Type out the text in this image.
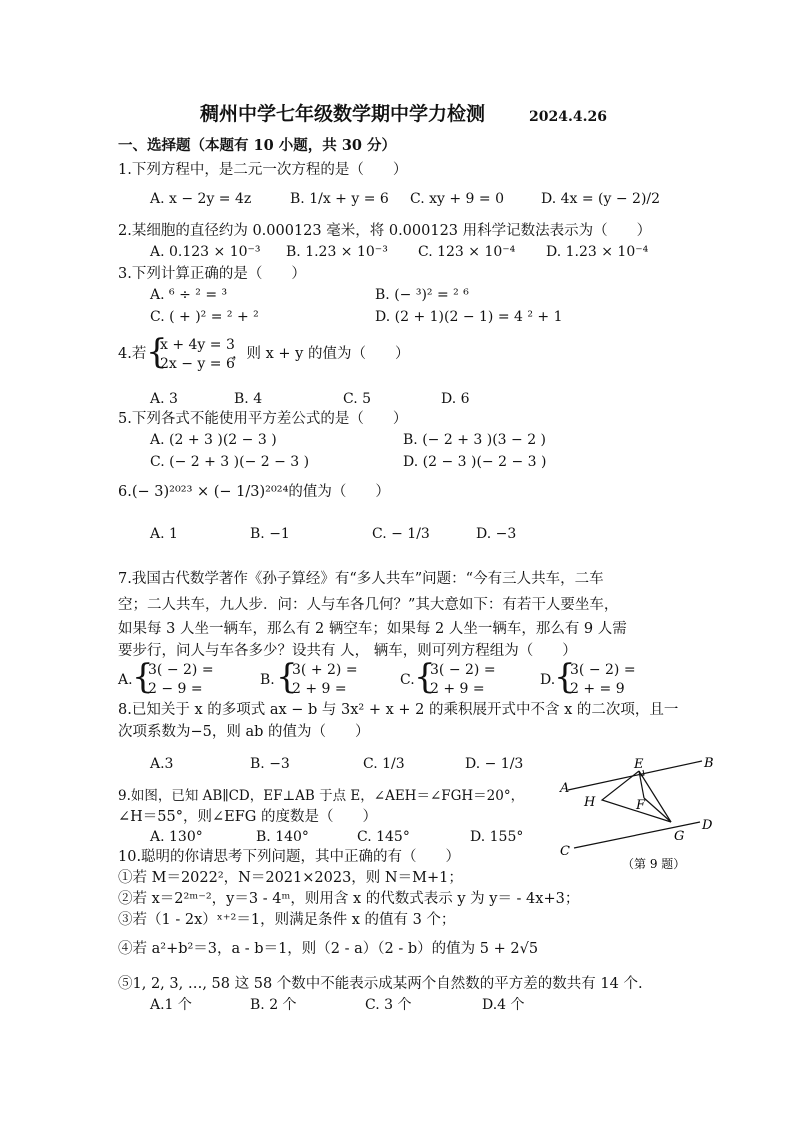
稠州中学七年级数学期中学力检测	2024.4.26
一、选择题（本题有 10 小题，共 30 分）
1.下列方程中，是二元一次方程的是（　　）
A. x − 2y = 4z	B. 1/x + y = 6 C. xy + 9 = 0	D. 4x = (y − 2)/2
2.某细胞的直径约为 0.000123 毫米，将 0.000123 用科学记数法表示为（　　）
A. 0.123 × 10⁻³ B. 1.23 × 10⁻³ C. 123 × 10⁻⁴ D. 1.23 × 10⁻⁴
3.下列计算正确的是（　　）
A. ⁶ ÷ ² = ³	B. (− ³)² = ² ⁶
C. ( + )² = ² + ²	D. (2 + 1)(2 − 1) = 4 ² + 1
4.若 {
x + 4y = 3
2x − y = 6
，则 x + y 的值为（　　）
A. 3	B. 4	C. 5	D. 6
5.下列各式不能使用平方差公式的是（　　）
A. (2 + 3 )(2 − 3 )	B. (− 2 + 3 )(3 − 2 )
C. (− 2 + 3 )(− 2 − 3 )	D. (2 − 3 )(− 2 − 3 )
6.(− 3)²⁰²³ × (− 1/3)²⁰²⁴的值为（　　）
A. 1	B. −1	C. − 1/3	D. −3
7.我国古代数学著作《孙子算经》有“多人共车”问题：“今有三人共车，二车
空；二人共车，九人步．问：人与车各几何？”其大意如下：有若干人要坐车，
如果每 3 人坐一辆车，那么有 2 辆空车；如果每 2 人坐一辆车，那么有 9 人需
要步行，问人与车各多少？设共有 人， 辆车，则可列方程组为（　　）
A. {
3( − 2) =
2 − 9 =
B. {
3( + 2) =
2 + 9 =
C. {
3( − 2) =
2 + 9 =
D.
{
3( − 2) =
2 + = 9
8.已知关于 x 的多项式 ax − b 与 3x² + x + 2 的乘积展开式中不含 x 的二次项，且一
次项系数为−5，则 ab 的值为（　　）
A.3	B. −3	C. 1/3	D. − 1/3
9.如图，已知 AB∥CD，EF⊥AB 于点 E，∠AEH＝∠FGH＝20°，
∠H＝55°，则∠EFG 的度数是（　　）
A. 130°	B. 140°	C. 145°	D. 155°
A
B
C
D
E
F
G
H
（第 9 题）
10.聪明的你请思考下列问题，其中正确的有（　　）
①若 M＝2022²，N＝2021×2023，则 N＝M+1；
②若 x＝2²ᵐ⁻²，y＝3 - 4ᵐ，则用含 x 的代数式表示 y 为 y＝ - 4x+3；
③若（1 - 2x）ˣ⁺²＝1，则满足条件 x 的值有 3 个；
④若 a²+b²＝3，a - b＝1，则（2 - a）（2 - b）的值为 5 + 2√5
⑤1, 2, 3, …, 58 这 58 个数中不能表示成某两个自然数的平方差的数共有 14 个.
A.1 个	B. 2 个	C. 3 个	D.4 个
